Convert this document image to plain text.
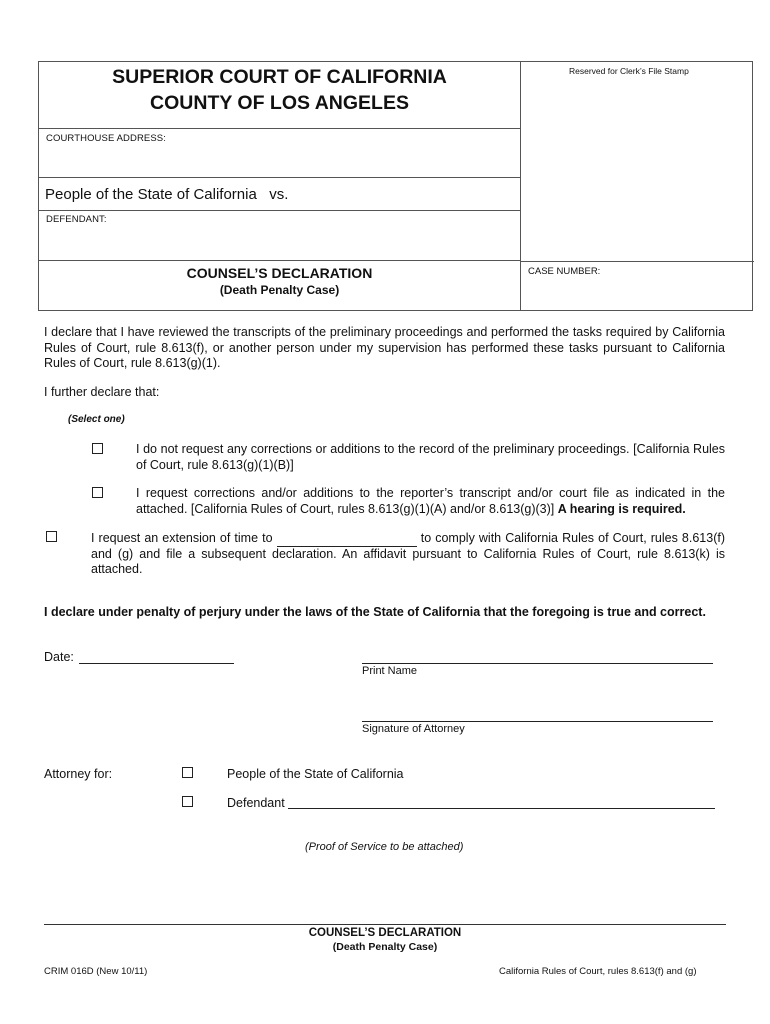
SUPERIOR COURT OF CALIFORNIA
COUNTY OF LOS ANGELES
COURTHOUSE ADDRESS:
People of the State of California   vs.
DEFENDANT:
COUNSEL’S DECLARATION
(Death Penalty Case)
Reserved for Clerk’s File Stamp
CASE NUMBER:
I declare that I have reviewed the transcripts of the preliminary proceedings and performed the tasks required by California Rules of Court, rule 8.613(f), or another person under my supervision has performed these tasks pursuant to California Rules of Court, rule 8.613(g)(1).
I further declare that:
(Select one)
I do not request any corrections or additions to the record of the preliminary proceedings. [California Rules of Court, rule 8.613(g)(1)(B)]
I request corrections and/or additions to the reporter’s transcript and/or court file as indicated in the attached. [California Rules of Court, rules 8.613(g)(1)(A) and/or 8.613(g)(3)] A hearing is required.
I request an extension of time to	to comply with California Rules of Court, rules 8.613(f) and (g) and file a subsequent declaration. An affidavit pursuant to California Rules of Court, rule 8.613(k) is attached.
I declare under penalty of perjury under the laws of the State of California that the foregoing is true and correct.
Date:
Print Name
Signature of Attorney
Attorney for:	People of the State of California
Defendant
(Proof of Service to be attached)
COUNSEL’S DECLARATION
(Death Penalty Case)
CRIM 016D (New 10/11)	California Rules of Court, rules 8.613(f) and (g)
